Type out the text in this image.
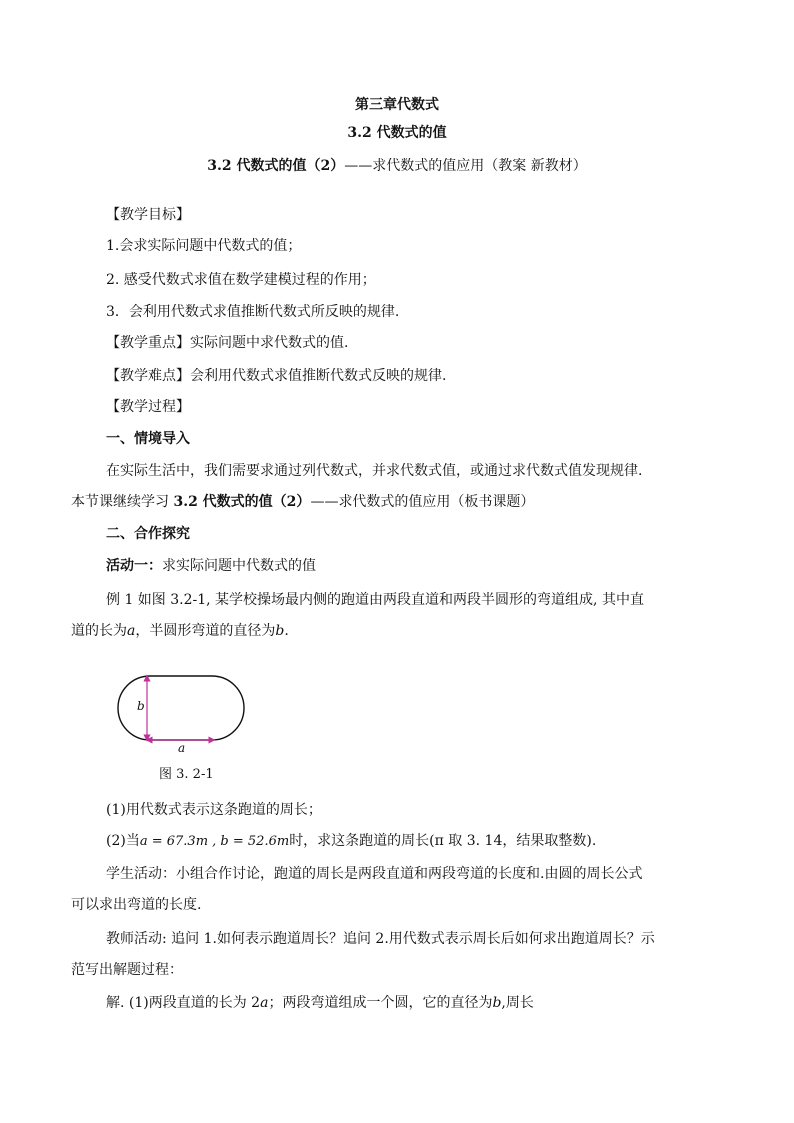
第三章代数式
3.2 代数式的值
3.2 代数式的值（2）——求代数式的值应用（教案 新教材）
【教学目标】
1.会求实际问题中代数式的值；
2. 感受代数式求值在数学建模过程的作用；
3．会利用代数式求值推断代数式所反映的规律.
【教学重点】实际问题中求代数式的值.
【教学难点】会利用代数式求值推断代数式反映的规律.
【教学过程】
一、情境导入
在实际生活中，我们需要求通过列代数式，并求代数式值，或通过求代数式值发现规律.
本节课继续学习 3.2 代数式的值（2）——求代数式的值应用（板书课题）
二、合作探究
活动一：求实际问题中代数式的值
例 1 如图 3.2-1, 某学校操场最内侧的跑道由两段直道和两段半圆形的弯道组成, 其中直
道的长为a，半圆形弯道的直径为b.
b
a
图 3. 2-1
(1)用代数式表示这条跑道的周长；
(2)当a = 67.3m , b = 52.6m时，求这条跑道的周长(π 取 3. 14，结果取整数).
学生活动：小组合作讨论，跑道的周长是两段直道和两段弯道的长度和.由圆的周长公式
可以求出弯道的长度.
教师活动: 追问 1.如何表示跑道周长？追问 2.用代数式表示周长后如何求出跑道周长？示
范写出解题过程：
解. (1)两段直道的长为 2a；两段弯道组成一个圆，它的直径为b,周长
